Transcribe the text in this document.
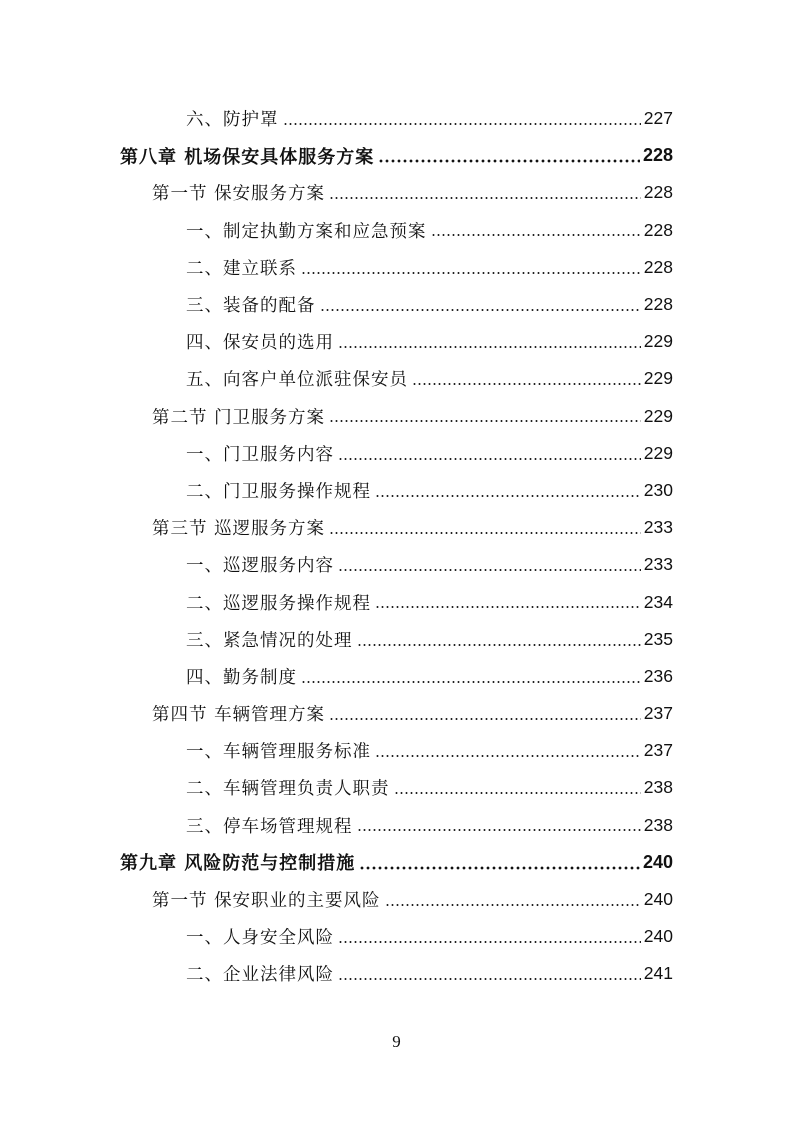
六、防护罩	227
第八章 机场保安具体服务方案	228
第一节 保安服务方案	228
一、制定执勤方案和应急预案	228
二、建立联系	228
三、装备的配备	228
四、保安员的选用	229
五、向客户单位派驻保安员	229
第二节 门卫服务方案	229
一、门卫服务内容	229
二、门卫服务操作规程	230
第三节 巡逻服务方案	233
一、巡逻服务内容	233
二、巡逻服务操作规程	234
三、紧急情况的处理	235
四、勤务制度	236
第四节 车辆管理方案	237
一、车辆管理服务标准	237
二、车辆管理负责人职责	238
三、停车场管理规程	238
第九章 风险防范与控制措施	240
第一节 保安职业的主要风险	240
一、人身安全风险	240
二、企业法律风险	241
9
